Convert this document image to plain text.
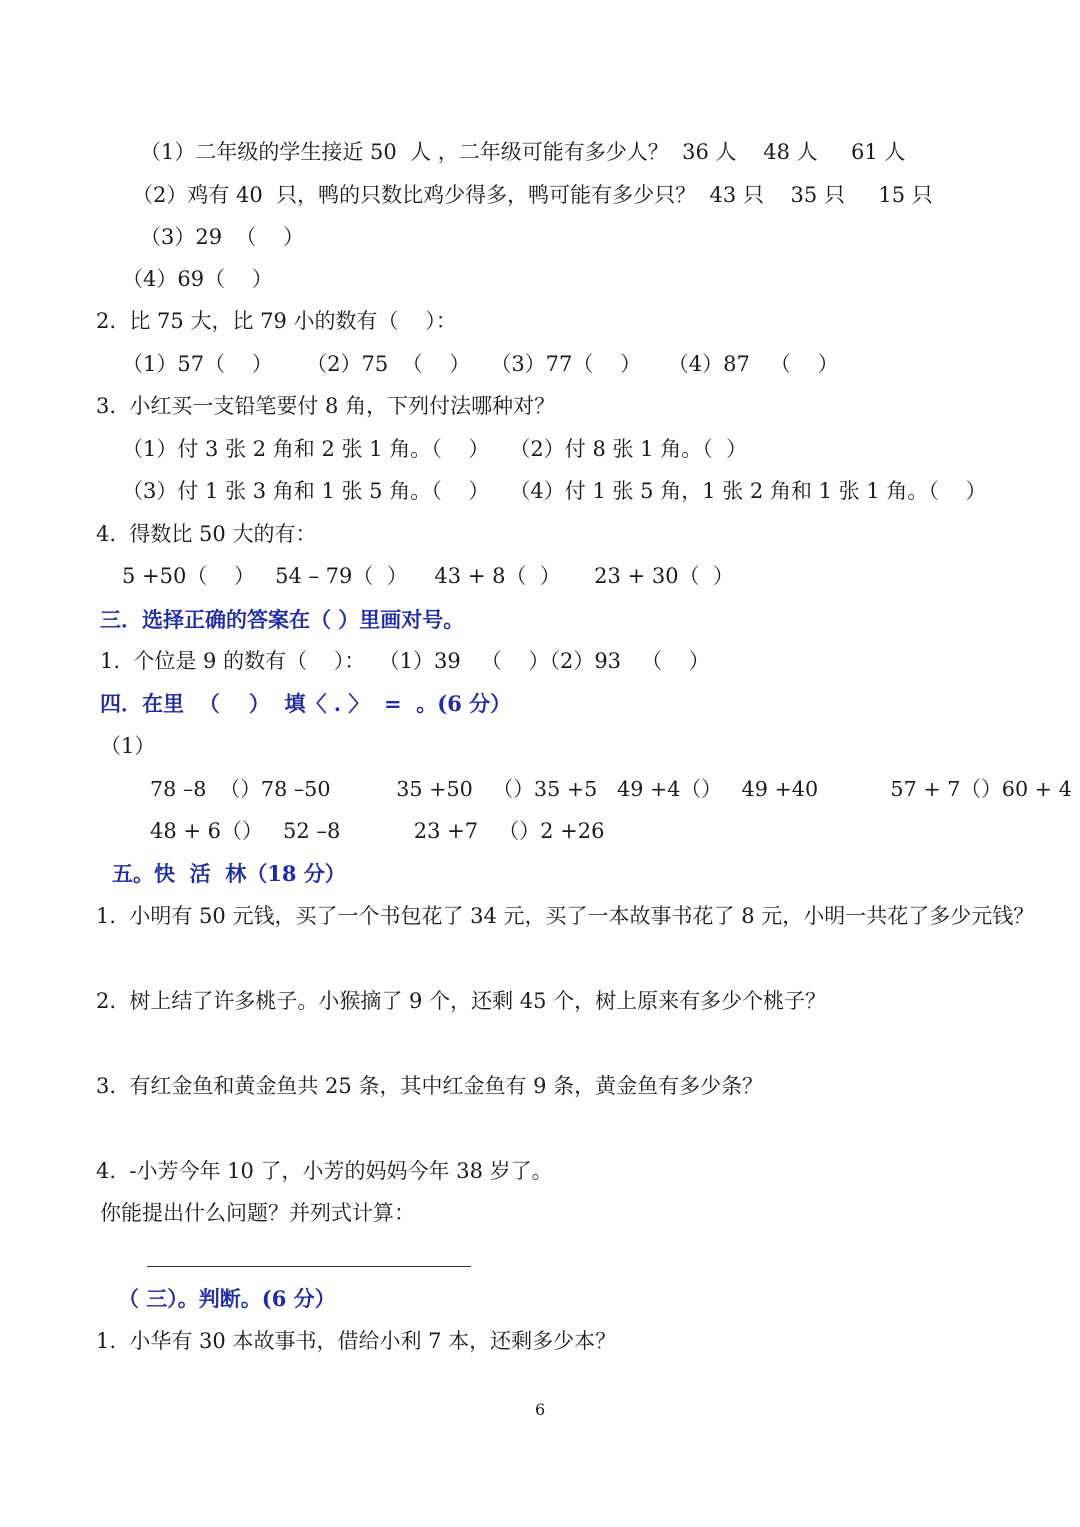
（1）二年级的学生接近 50  人 ，二年级可能有多少人？  36 人    48 人     61 人
（2）鸡有 40  只，鸭的只数比鸡少得多，鸭可能有多少只？  43 只    35 只     15 只
（3）29  （    ）
（4）69（    ）
2.  比 75 大，比 79 小的数有（    ）：
（1）57（    ）     （2）75  （    ）   （3）77（    ）    （4）87   （    ）
3.  小红买一支铅笔要付 8 角，下列付法哪种对？
（1）付 3 张 2 角和 2 张 1 角。（    ）   （2）付 8 张 1 角。（  ）
（3）付 1 张 3 角和 1 张 5 角。（    ）   （4）付 1 张 5 角，1 张 2 角和 1 张 1 角。（    ）
4.  得数比 50 大的有：
5 +50（    ）   54 – 79（  ）    43 + 8（  ）     23 + 30（  ）
三．选择正确的答案在（ ）里画对号。
1.  个位是 9 的数有（    ）：  （1）39   （    ）（2）93   （    ）
四．在里  （    ）  填〈 . 〉  =  。(6 分）
（1）
78 –8  （）78 –50          35 +50   （）35 +5   49 +4（）   49 +40           57 + 7（）60 + 4
48 + 6（）   52 –8           23 +7   （）2 +26
五。快  活  林（18 分）
1.  小明有 50 元钱，买了一个书包花了 34 元，买了一本故事书花了 8 元，小明一共花了多少元钱？
2.  树上结了许多桃子。小猴摘了 9 个，还剩 45 个，树上原来有多少个桃子？
3.  有红金鱼和黄金鱼共 25 条，其中红金鱼有 9 条，黄金鱼有多少条？
4.  -小芳今年 10 了，小芳的妈妈今年 38 岁了。
你能提出什么问题？并列式计算：
（ 三）。判断。(6 分）
1.  小华有 30 本故事书，借给小利 7 本，还剩多少本？
6
